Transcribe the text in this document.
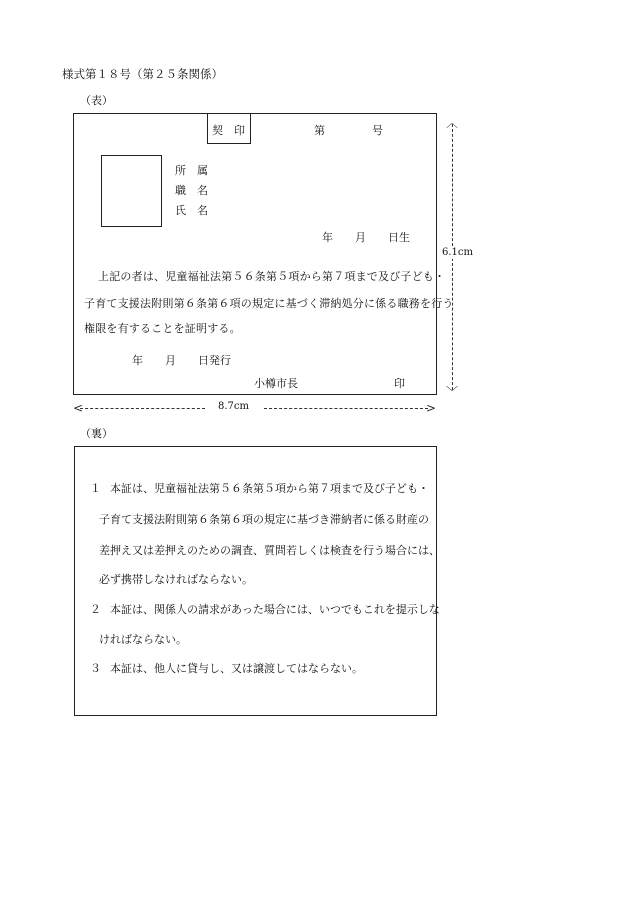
様式第１８号（第２５条関係）
（表）
契　印	第	号
所　属
職　名
氏　名
年　　月　　日生
上記の者は、児童福祉法第５６条第５項から第７項まで及び子ども・
子育て支援法附則第６条第６項の規定に基づく滞納処分に係る職務を行う
権限を有することを証明する。
年　　月　　日発行
小樽市長	印
︿
﹀
6.1cm
<	8.7cm	>
（裏）
１ 本証は、児童福祉法第５６条第５項から第７項まで及び子ども・
子育て支援法附則第６条第６項の規定に基づき滞納者に係る財産の
差押え又は差押えのための調査、質問若しくは検査を行う場合には、
必ず携帯しなければならない。
２ 本証は、関係人の請求があった場合には、いつでもこれを提示しな
ければならない。
３ 本証は、他人に貸与し、又は譲渡してはならない。
